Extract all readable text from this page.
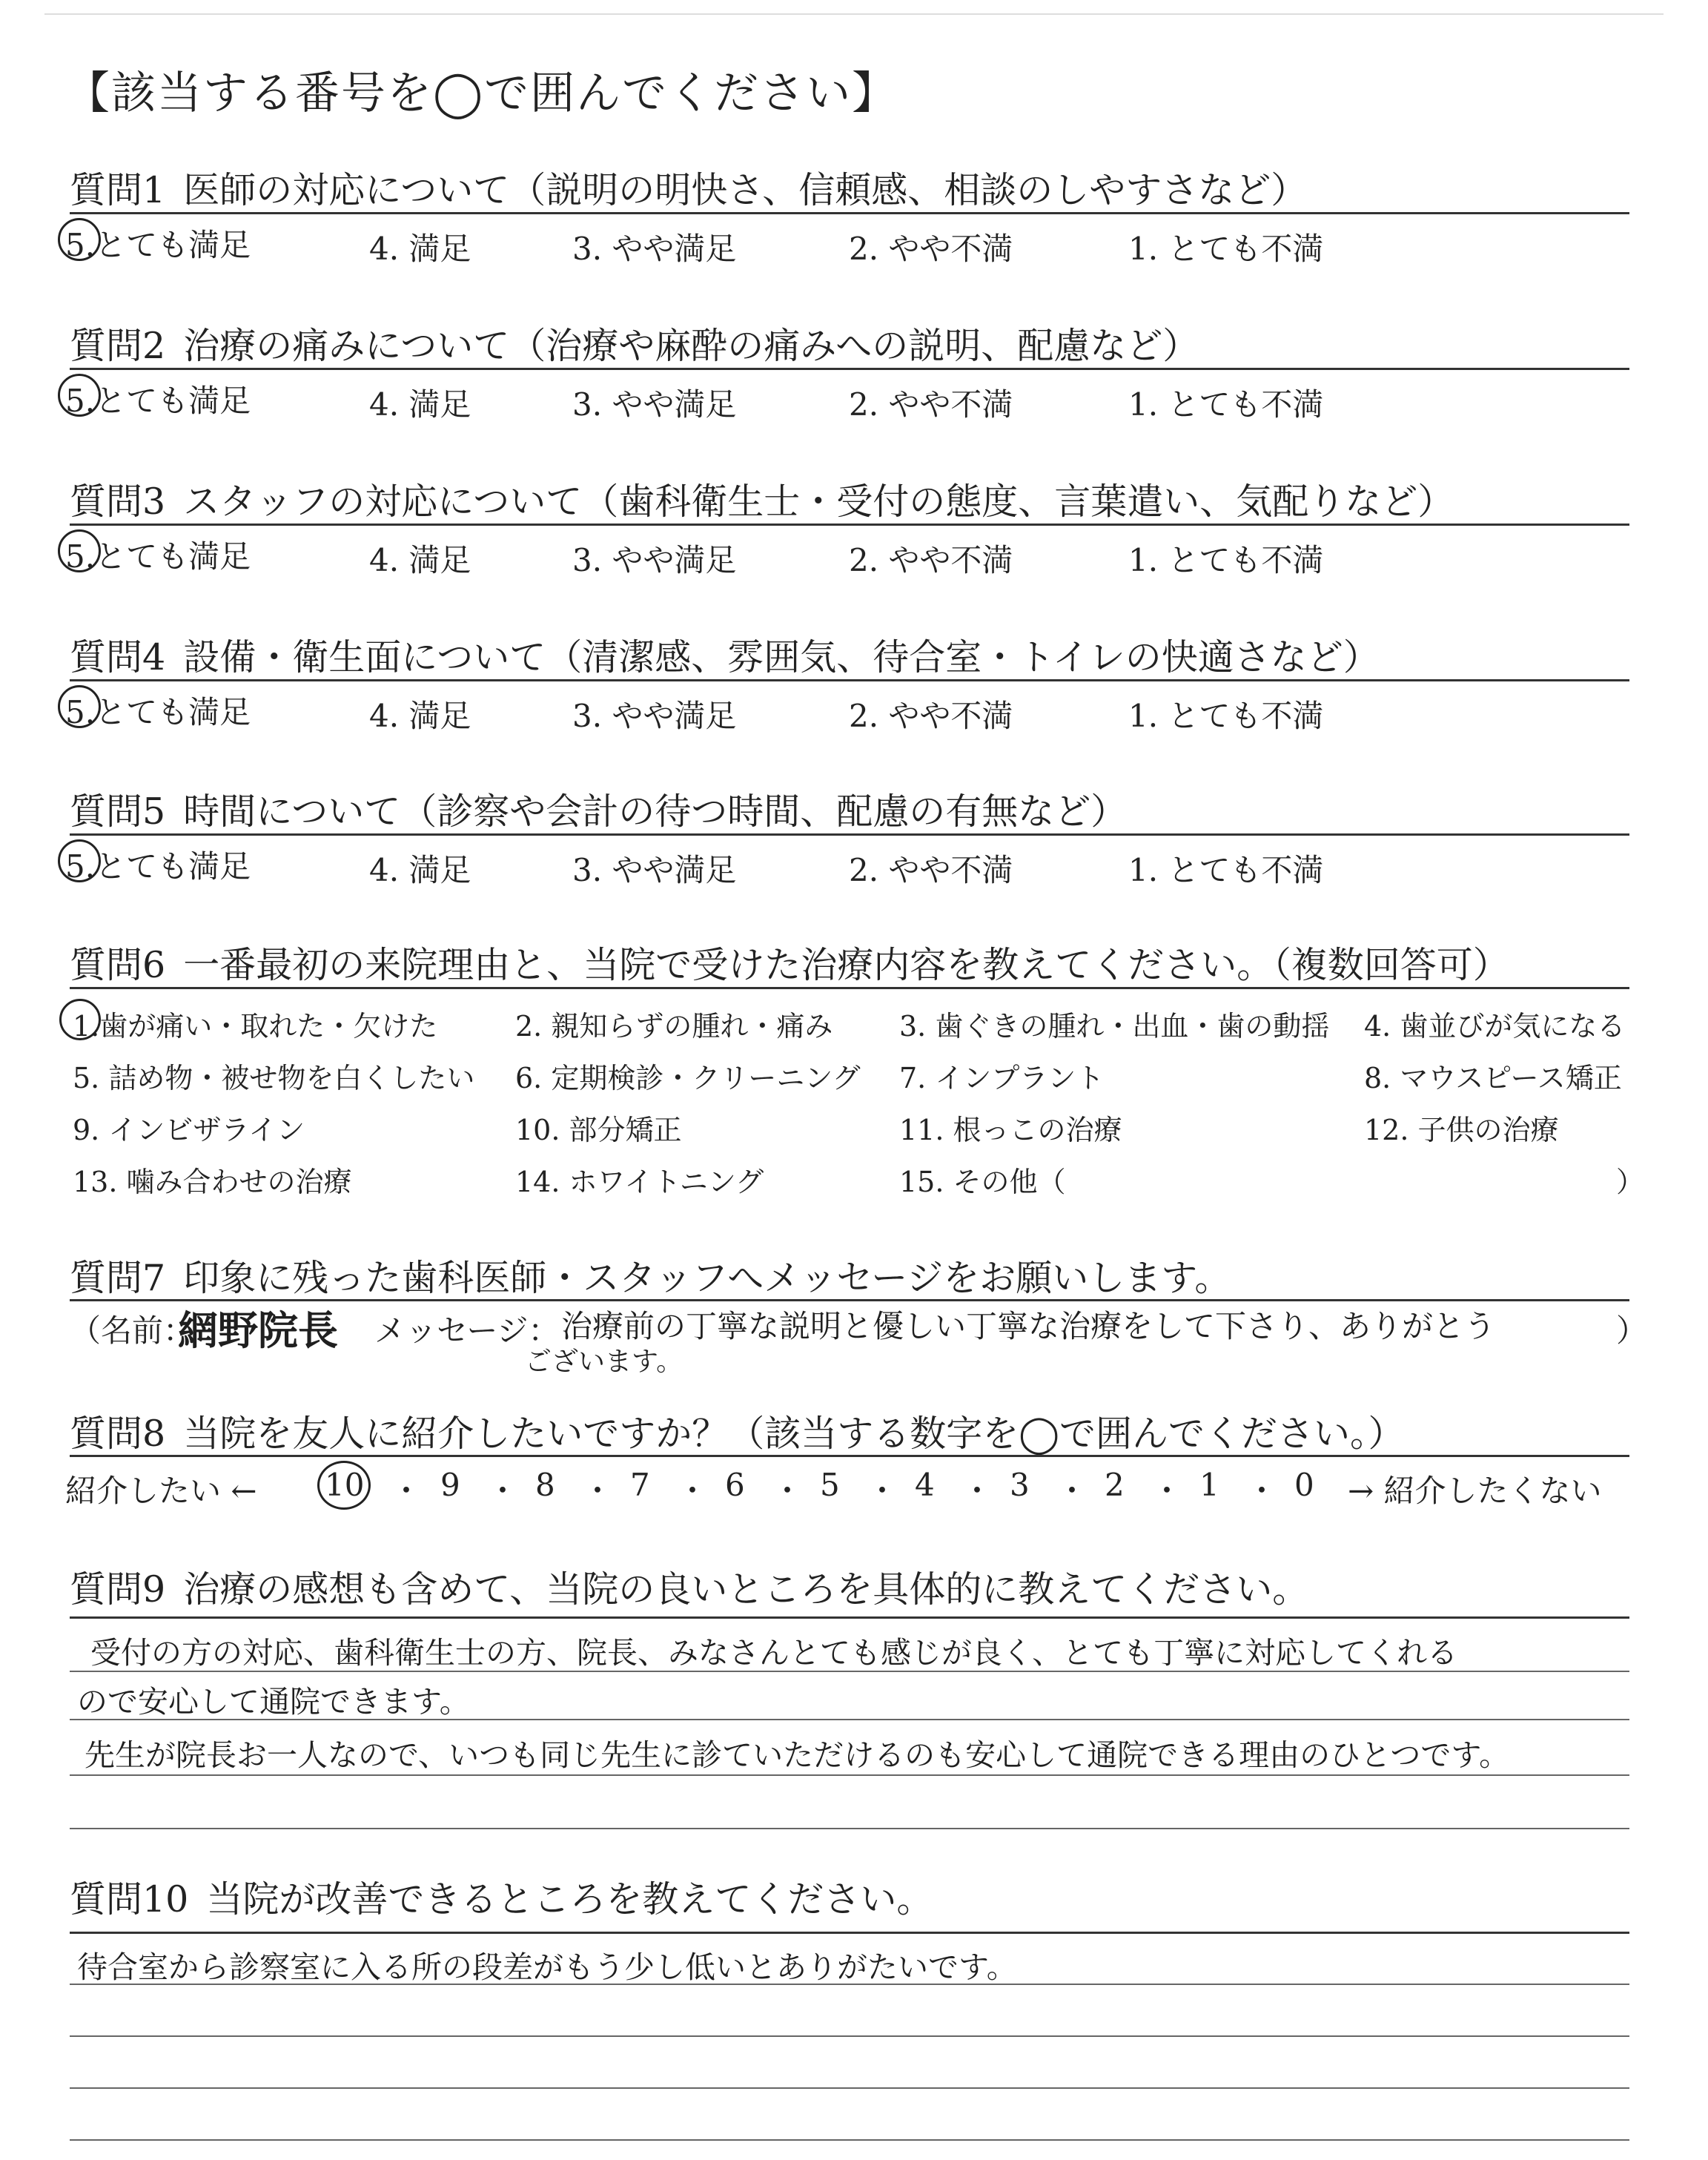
【該当する番号を◯で囲んでください】
質問1 医師の対応について（説明の明快さ、信頼感、相談のしやすさなど）
5.とても満足	4. 満足	3. やや満足	2. やや不満	1. とても不満
質問2 治療の痛みについて（治療や麻酔の痛みへの説明、配慮など）
5.とても満足	4. 満足	3. やや満足	2. やや不満	1. とても不満
質問3 スタッフの対応について（歯科衛生士・受付の態度、言葉遣い、気配りなど）
5.とても満足	4. 満足	3. やや満足	2. やや不満	1. とても不満
質問4 設備・衛生面について（清潔感、雰囲気、待合室・トイレの快適さなど）
5.とても満足	4. 満足	3. やや満足	2. やや不満	1. とても不満
質問5 時間について（診察や会計の待つ時間、配慮の有無など）
5.とても満足	4. 満足	3. やや満足	2. やや不満	1. とても不満
質問6 一番最初の来院理由と、当院で受けた治療内容を教えてください。（複数回答可）
1.歯が痛い・取れた・欠けた	2. 親知らずの腫れ・痛み 3. 歯ぐきの腫れ・出血・歯の動揺 4. 歯並びが気になる
5. 詰め物・被せ物を白くしたい 6. 定期検診・クリーニング 7. インプラント	8. マウスピース矯正
9. インビザライン	10. 部分矯正	11. 根っこの治療	12. 子供の治療
13. 噛み合わせの治療	14. ホワイトニング	15. その他（	）
質問7 印象に残った歯科医師・スタッフへメッセージをお願いします。
（名前：
網野院長 メッセージ： 治療前の丁寧な説明と優しい丁寧な治療をして下さり、ありがとう
ございます。
）
質問8 当院を友人に紹介したいですか？（該当する数字を◯で囲んでください。）
紹介したい ← 10 ・ 9 ・ 8 ・ 7 ・ 6 ・ 5 ・ 4 ・ 3 ・ 2 ・ 1 ・ 0 → 紹介したくない
質問9 治療の感想も含めて、当院の良いところを具体的に教えてください。
受付の方の対応、歯科衛生士の方、院長、みなさんとても感じが良く、とても丁寧に対応してくれる
ので安心して通院できます。
先生が院長お一人なので、いつも同じ先生に診ていただけるのも安心して通院できる理由のひとつです。
質問10 当院が改善できるところを教えてください。
待合室から診察室に入る所の段差がもう少し低いとありがたいです。
